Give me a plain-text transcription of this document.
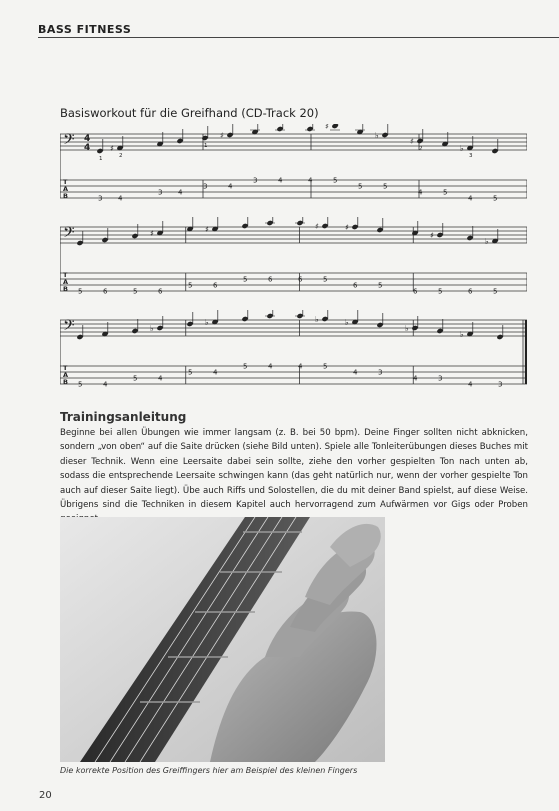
BASS FITNESS
Basisworkout für die Greifhand (CD-Track 20)
𝄢 4
4
T
A
B
1
3
♯
2
4
3 4
1
3
♯
4
3	4	4
♯
5
5
♭
5
♯
2
4	5
♭
3
4	5
𝄢
T
A
B 5	6	5
♯
6
5
♯
6
5	6	6
♯
5
♯
6	5
6
♯
5	6
♭
5
𝄢
T
A
B 5	4
5
♭
4
5
♭
4
5	4	4
♭
5
♭
4	3
♭
4	3
♭
4	3
Trainingsanleitung
Beginne bei allen Übungen wie immer langsam (z. B. bei 50 bpm). Deine Finger sollten nicht abknicken, sondern „von oben“ auf die Saite drücken (siehe Bild unten). Spiele alle Tonleiterübungen dieses Buches mit dieser Technik. Wenn eine Leersaite dabei sein sollte, ziehe den vorher gespielten Ton nach unten ab, sodass die entsprechende Leersaite schwingen kann (das geht natürlich nur, wenn der vorher gespielte Ton auch auf dieser Saite liegt). Übe auch Riffs und Solostellen, die du mit deiner Band spielst, auf diese Weise. Übrigens sind die Techniken in diesem Kapitel auch hervorragend zum Aufwärmen vor Gigs oder Proben
Die korrekte Position des Greiffingers hier am Beispiel des kleinen Fingers
20
